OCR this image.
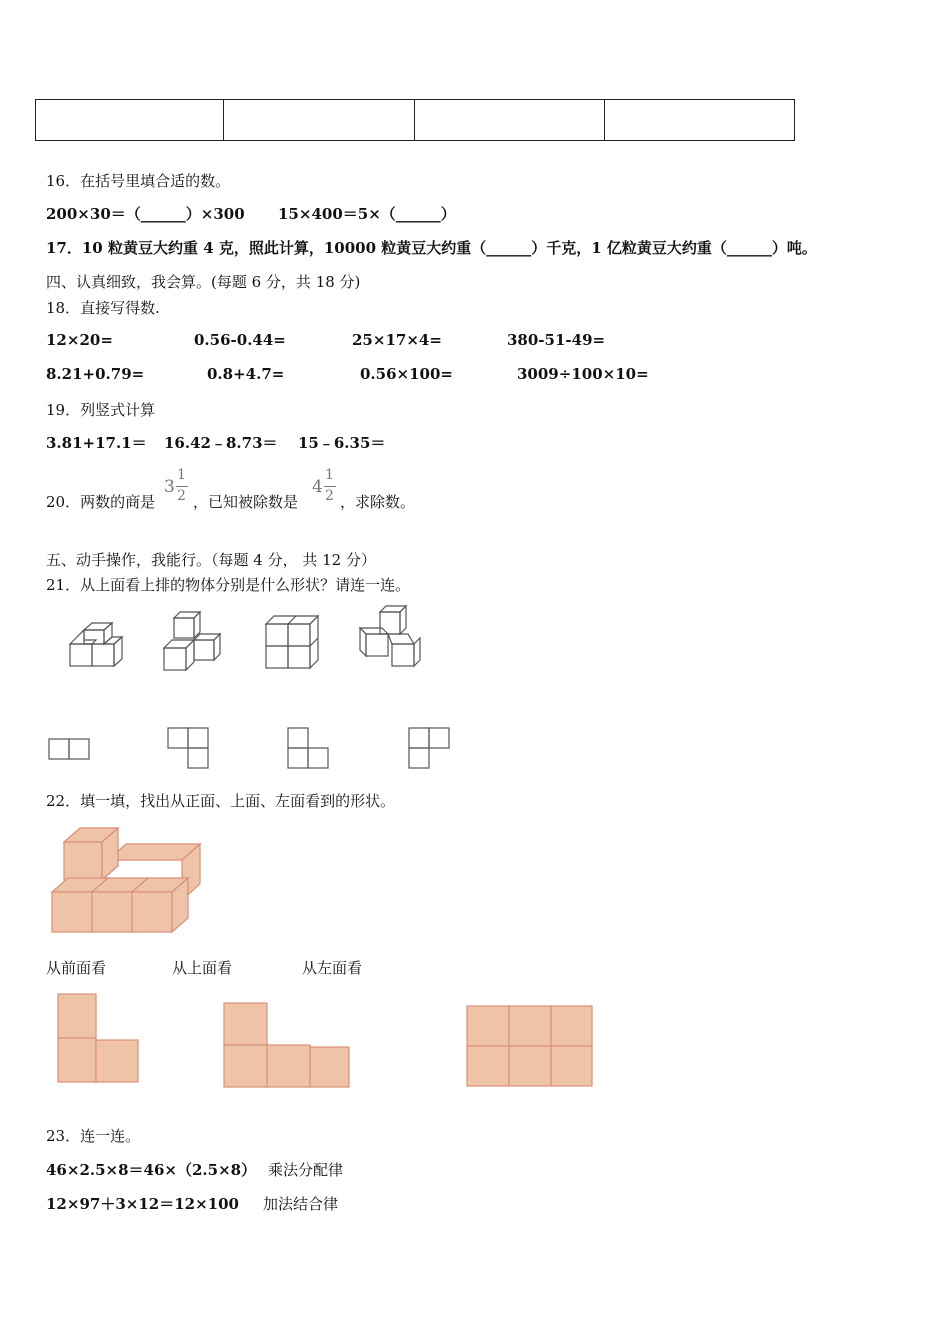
16．在括号里填合适的数。
200×30＝（______）×300 15×400＝5×（______）
17．10 粒黄豆大约重 4 克，照此计算，10000 粒黄豆大约重（______）千克，1 亿粒黄豆大约重（______）吨。
四、认真细致，我会算。(每题 6 分，共 18 分)
18．直接写得数.
12×20=	0.56-0.44=	25×17×4=	380-51-49=
8.21+0.79=	0.8+4.7=	0.56×100=	3009÷100×10=
19．列竖式计算
3.81+17.1＝ 16.42﹣8.73＝ 15﹣6.35＝
20．两数的商是
3
1
2 ，已知被除数是
4
1
2 ，求除数。
五、动手操作，我能行。（每题 4 分， 共 12 分）
21．从上面看上排的物体分别是什么形状？请连一连。
22．填一填，找出从正面、上面、左面看到的形状。
从前面看	从上面看	从左面看
23．连一连。
46×2.5×8＝46×（2.5×8） 乘法分配律
12×97＋3×12＝12×100 加法结合律
